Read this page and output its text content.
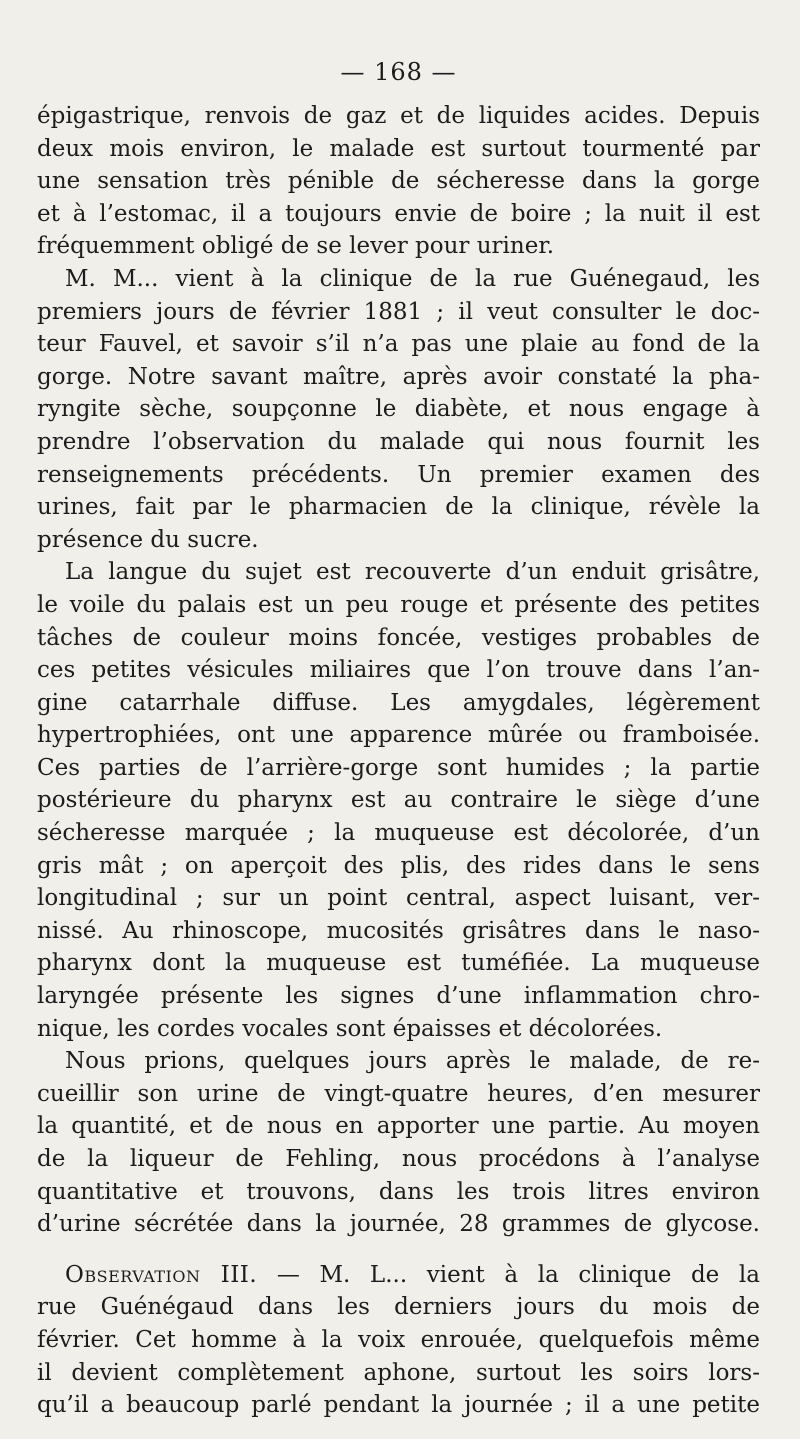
— 168 —
épigastrique, renvois de gaz et de liquides acides. Depuis
deux mois environ, le malade est surtout tourmenté par
une sensation très pénible de sécheresse dans la gorge
et à l’estomac, il a toujours envie de boire ; la nuit il est
fréquemment obligé de se lever pour uriner.
M. M... vient à la clinique de la rue Guénegaud, les
premiers jours de février 1881 ; il veut consulter le doc-
teur Fauvel, et savoir s’il n’a pas une plaie au fond de la
gorge. Notre savant maître, après avoir constaté la pha-
ryngite sèche, soupçonne le diabète, et nous engage à
prendre l’observation du malade qui nous fournit les
renseignements précédents. Un premier examen des
urines, fait par le pharmacien de la clinique, révèle la
présence du sucre.
La langue du sujet est recouverte d’un enduit grisâtre,
le voile du palais est un peu rouge et présente des petites
tâches de couleur moins foncée, vestiges probables de
ces petites vésicules miliaires que l’on trouve dans l’an-
gine catarrhale diffuse. Les amygdales, légèrement
hypertrophiées, ont une apparence mûrée ou framboisée.
Ces parties de l’arrière-gorge sont humides ; la partie
postérieure du pharynx est au contraire le siège d’une
sécheresse marquée ; la muqueuse est décolorée, d’un
gris mât ; on aperçoit des plis, des rides dans le sens
longitudinal ; sur un point central, aspect luisant, ver-
nissé. Au rhinoscope, mucosités grisâtres dans le naso-
pharynx dont la muqueuse est tuméfiée. La muqueuse
laryngée présente les signes d’une inflammation chro-
nique, les cordes vocales sont épaisses et décolorées.
Nous prions, quelques jours après le malade, de re-
cueillir son urine de vingt-quatre heures, d’en mesurer
la quantité, et de nous en apporter une partie. Au moyen
de la liqueur de Fehling, nous procédons à l’analyse
quantitative et trouvons, dans les trois litres environ
d’urine sécrétée dans la journée, 28 grammes de glycose.
Observation III. — M. L... vient à la clinique de la
rue Guénégaud dans les derniers jours du mois de
février. Cet homme à la voix enrouée, quelquefois même
il devient complètement aphone, surtout les soirs lors-
qu’il a beaucoup parlé pendant la journée ; il a une petite
